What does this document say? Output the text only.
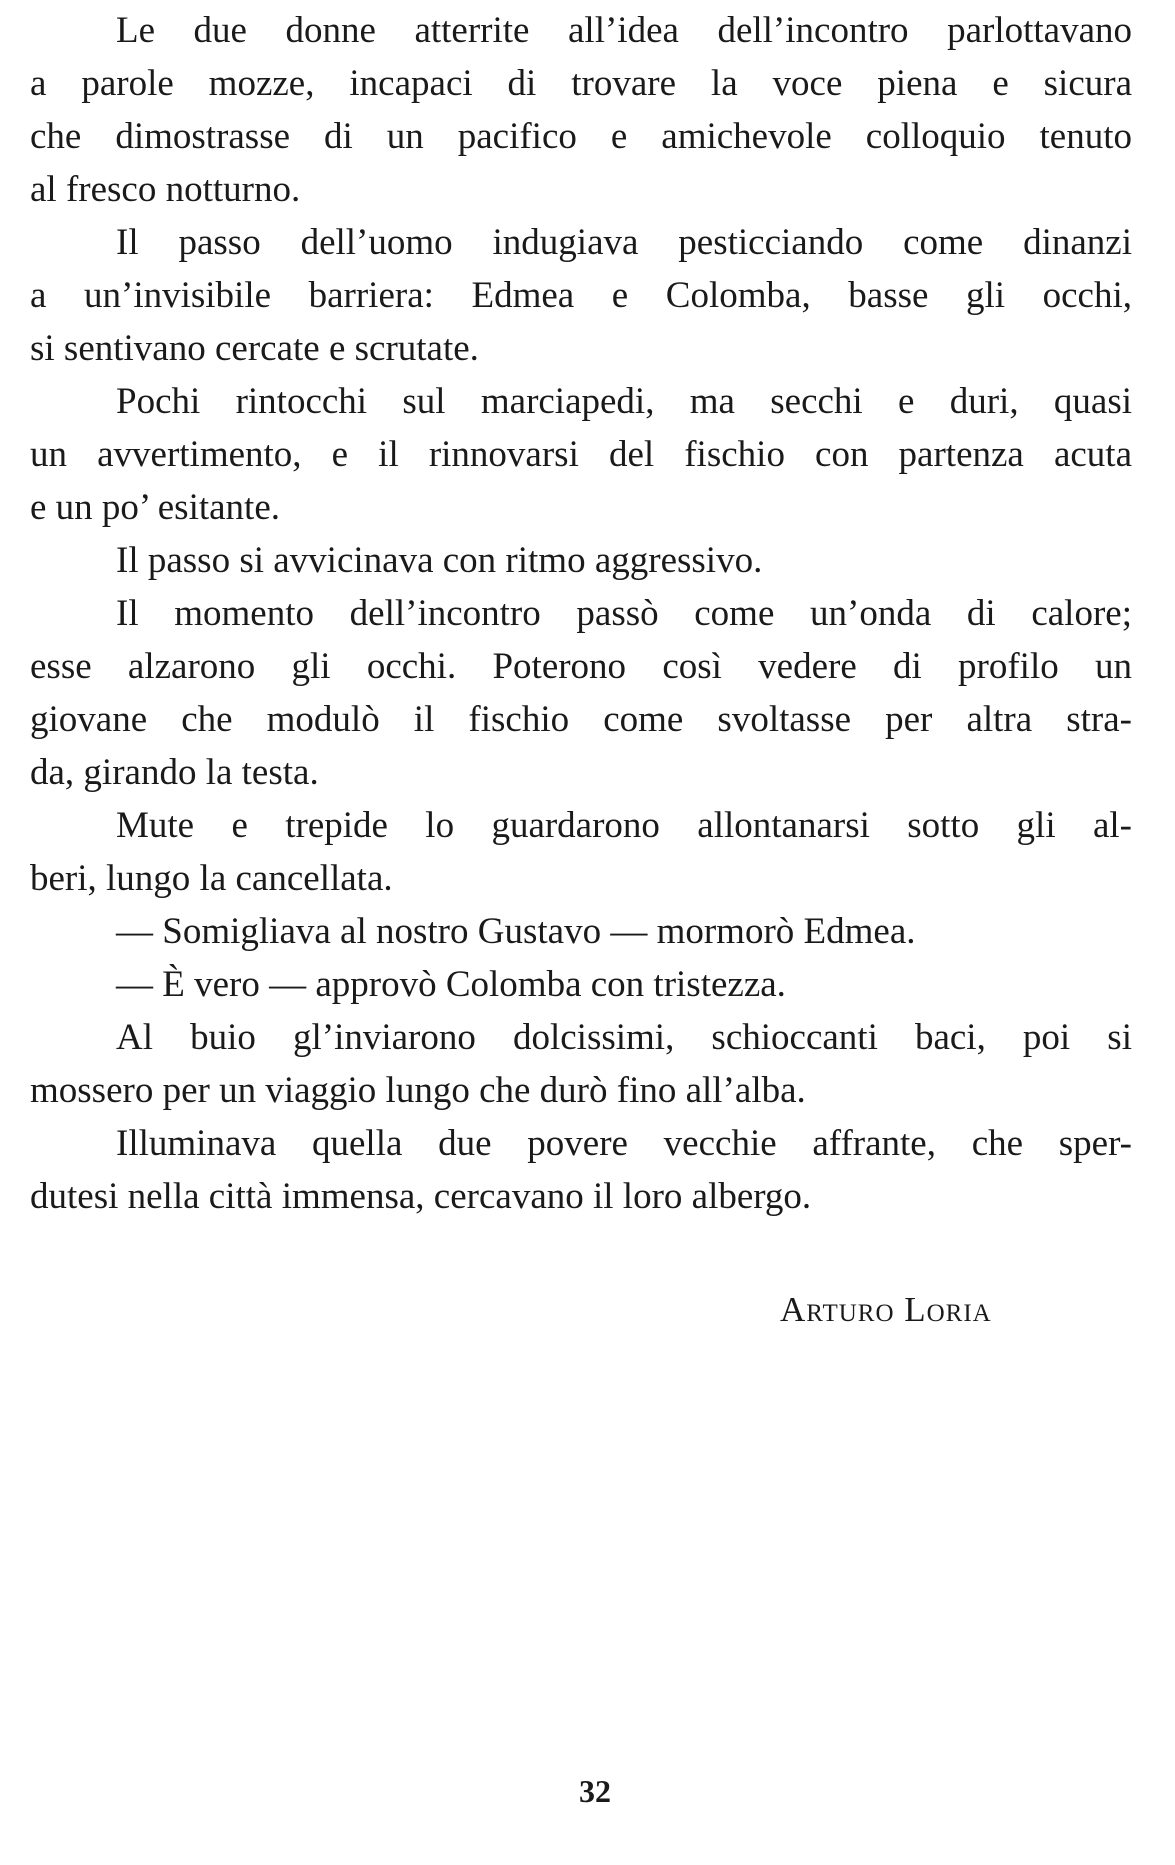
Le due donne atterrite all’idea dell’incontro parlottavano
a parole mozze, incapaci di trovare la voce piena e sicura
che dimostrasse di un pacifico e amichevole colloquio tenuto
al fresco notturno.
Il passo dell’uomo indugiava pesticciando come dinanzi
a un’invisibile barriera: Edmea e Colomba, basse gli occhi,
si sentivano cercate e scrutate.
Pochi rintocchi sul marciapedi, ma secchi e duri, quasi
un avvertimento, e il rinnovarsi del fischio con partenza acuta
e un po’ esitante.
Il passo si avvicinava con ritmo aggressivo.
Il momento dell’incontro passò come un’onda di calore;
esse alzarono gli occhi. Poterono così vedere di profilo un
giovane che modulò il fischio come svoltasse per altra stra-
da, girando la testa.
Mute e trepide lo guardarono allontanarsi sotto gli al-
beri, lungo la cancellata.
— Somigliava al nostro Gustavo — mormorò Edmea.
— È vero — approvò Colomba con tristezza.
Al buio gl’inviarono dolcissimi, schioccanti baci, poi si
mossero per un viaggio lungo che durò fino all’alba.
Illuminava quella due povere vecchie affrante, che sper-
dutesi nella città immensa, cercavano il loro albergo.
Arturo Loria
32
